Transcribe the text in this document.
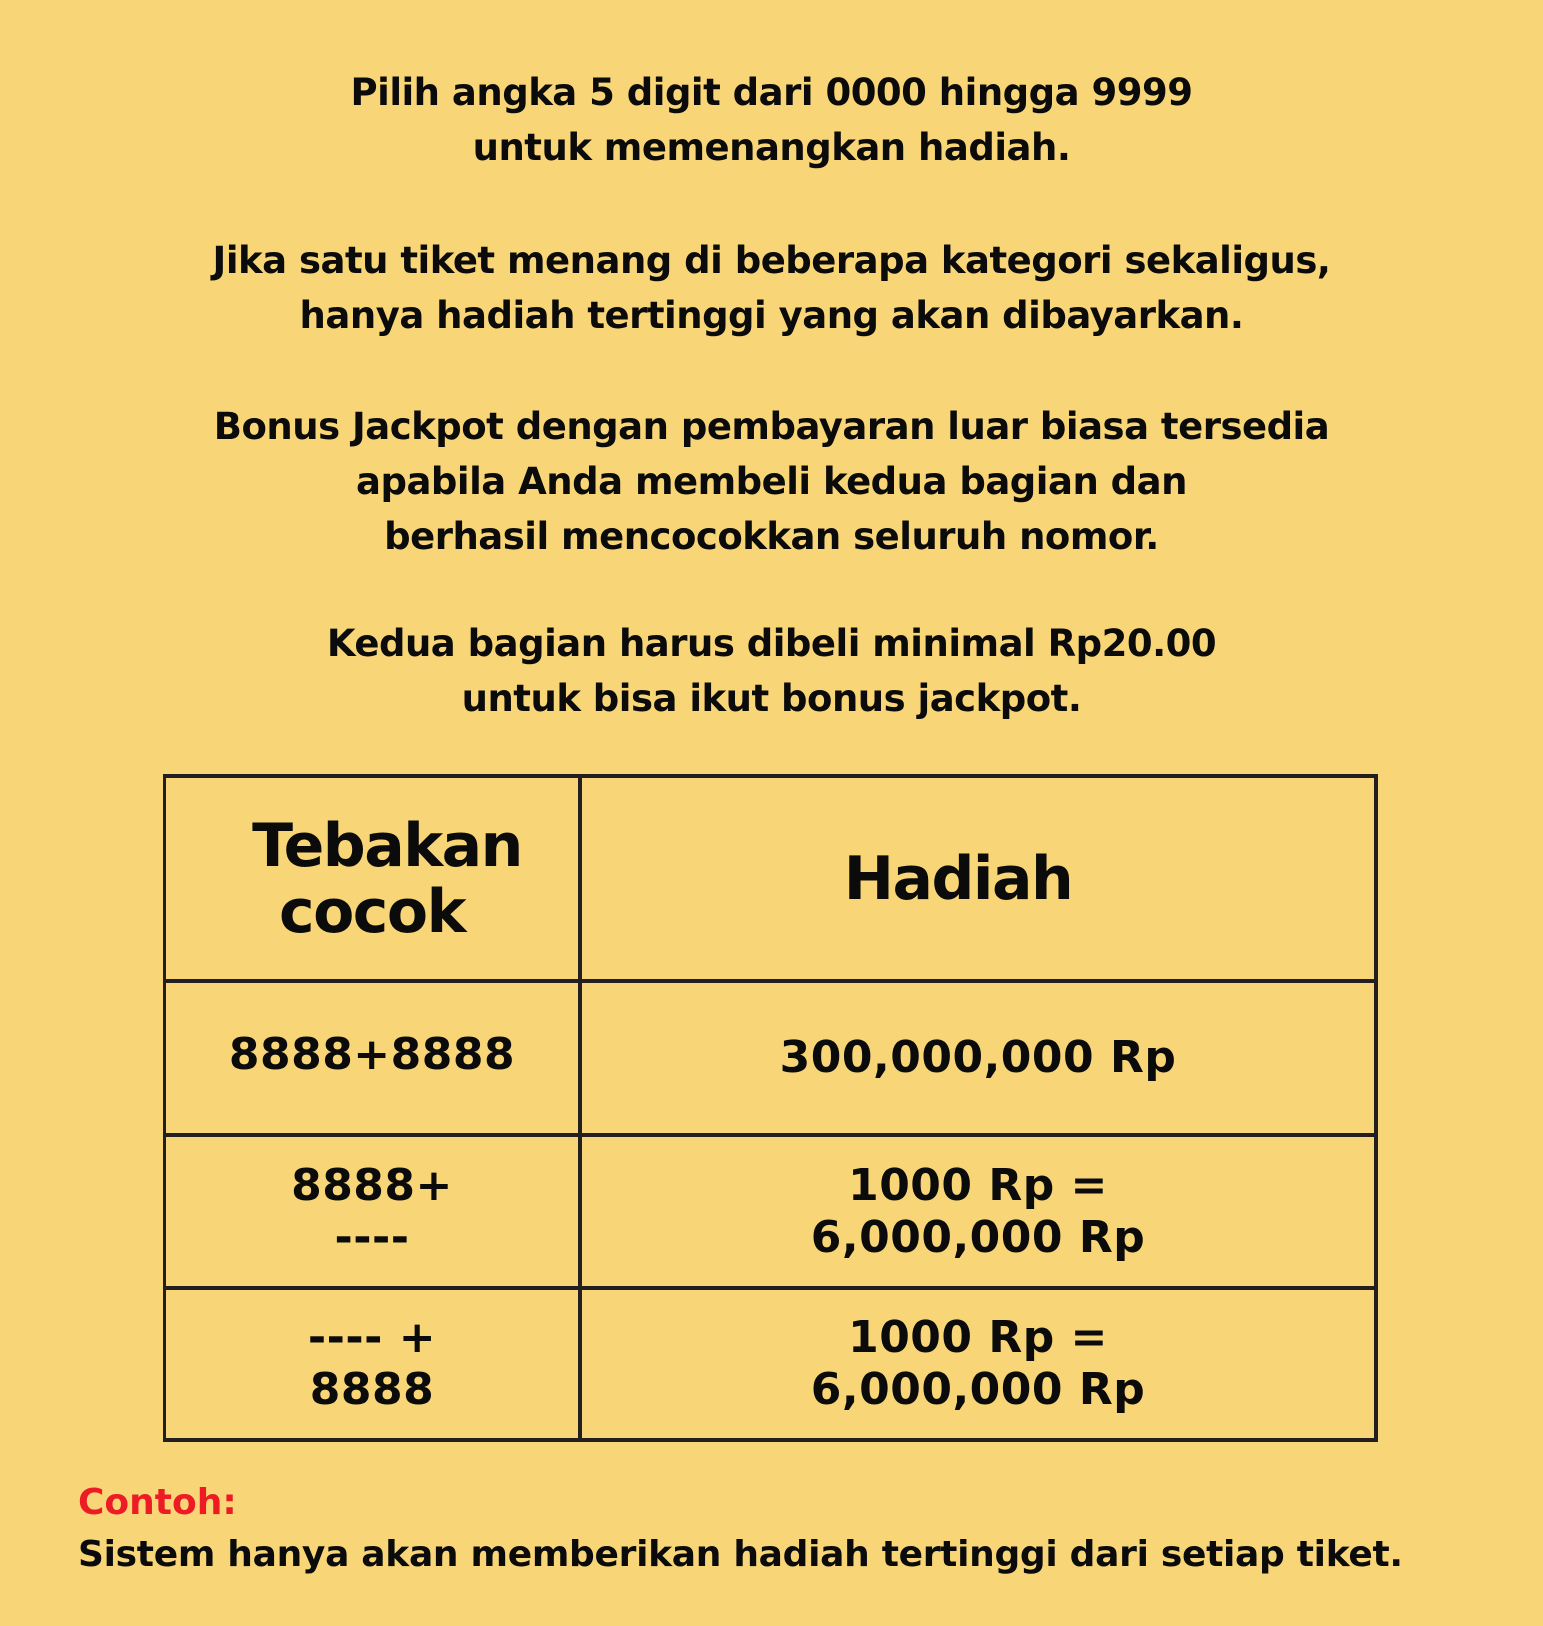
Pilih angka 5 digit dari 0000 hingga 9999
untuk memenangkan hadiah.
Jika satu tiket menang di beberapa kategori sekaligus,
hanya hadiah tertinggi yang akan dibayarkan.
Bonus Jackpot dengan pembayaran luar biasa tersedia
apabila Anda membeli kedua bagian dan
berhasil mencocokkan seluruh nomor.
Kedua bagian harus dibeli minimal Rp20.00
untuk bisa ikut bonus jackpot.
Tebakan
cocok	Hadiah
8888+8888	300,000,000 Rp
8888+
----
1000 Rp =
6,000,000 Rp
---- +
8888
1000 Rp =
6,000,000 Rp
Contoh:
Sistem hanya akan memberikan hadiah tertinggi dari setiap tiket.
